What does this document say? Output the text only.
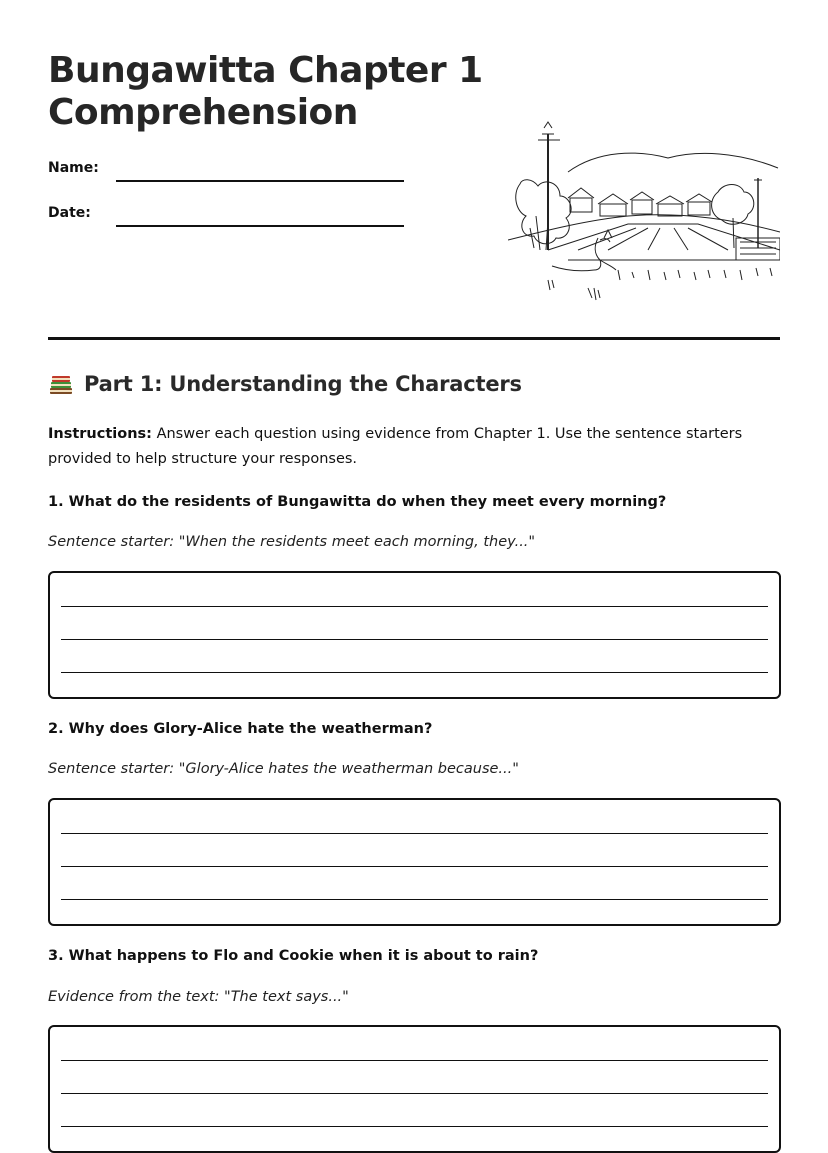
Bungawitta Chapter 1
Comprehension
Name:
Date:
Part 1: Understanding the Characters
Instructions: Answer each question using evidence from Chapter 1. Use the sentence starters provided to help structure your responses.

1. What do the residents of Bungawitta do when they meet every morning?

Sentence starter: "When the residents meet each morning, they..."

2. Why does Glory-Alice hate the weatherman?

Sentence starter: "Glory-Alice hates the weatherman because..."

3. What happens to Flo and Cookie when it is about to rain?

Evidence from the text: "The text says..."
